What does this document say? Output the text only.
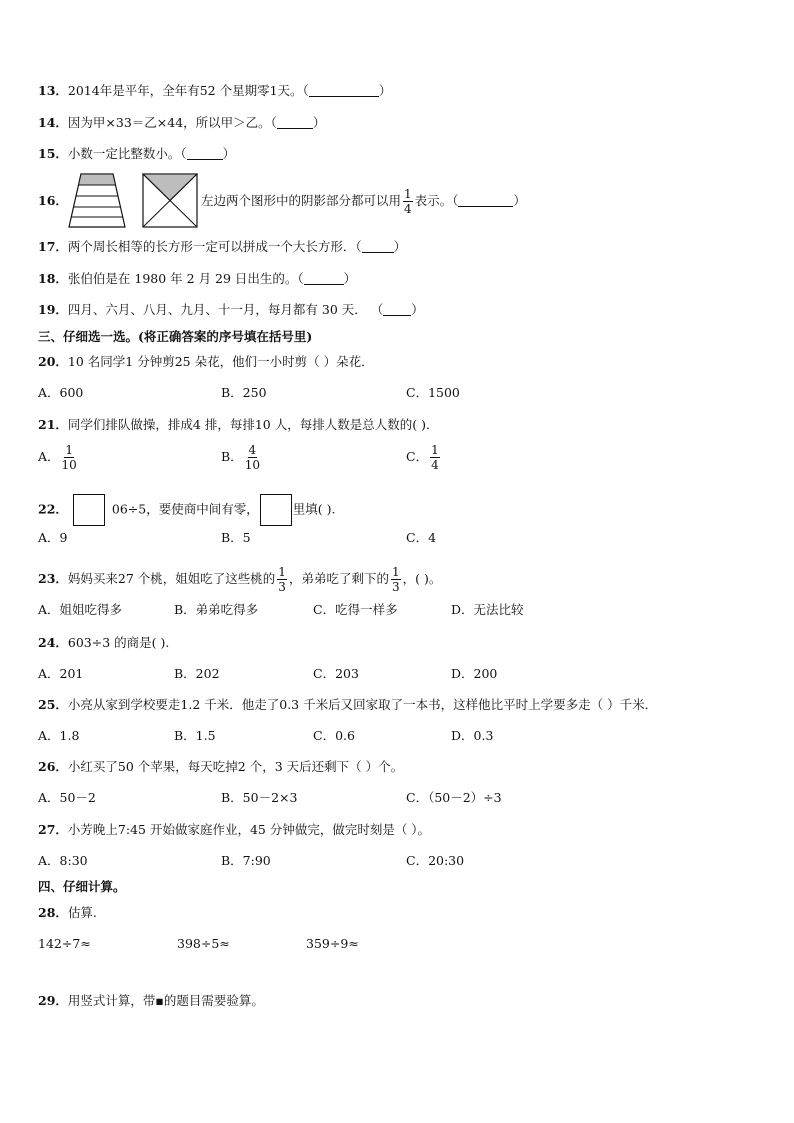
13．2014年是平年，全年有52 个星期零1天。（	）
14．因为甲×33＝乙×44，所以甲＞乙。（	）
15．小数一定比整数小。（	）
16．	左边两个图形中的阴影部分都可以用 $\frac{1}{4}$ 表示。（	）
17．两个周长相等的长方形一定可以拼成一个大长方形．（	）
18．张伯伯是在 1980 年 2 月 29 日出生的。（	）
19．四月、六月、八月、九月、十一月，每月都有 30 天． （ ）
三、仔细选一选。(将正确答案的序号填在括号里)
20．10 名同学1 分钟剪25 朵花，他们一小时剪（ ）朵花．
A．600	B．250	C．1500
21．同学们排队做操，排成4 排，每排10 人，每排人数是总人数的( )．
A． $\frac{1}{10}$	B． $\frac{4}{10}$	C． $\frac{1}{4}$
22．	06÷5，要使商中间有零，	里填( ).
A．9	B．5	C．4
23．妈妈买来27 个桃，姐姐吃了这些桃的 $\frac{1}{3}$ ，弟弟吃了剩下的 $\frac{1}{3}$ ，( )。
A．姐姐吃得多	B．弟弟吃得多	C．吃得一样多	D．无法比较
24．603÷3 的商是( ).
A．201	B．202	C．203	D．200
25．小亮从家到学校要走1.2 千米．他走了0.3 千米后又回家取了一本书，这样他比平时上学要多走（ ）千米．
A．1.8	B．1.5	C．0.6	D．0.3
26．小红买了50 个苹果，每天吃掉2 个，3 天后还剩下（ ）个。
A．50－2	B．50－2×3	C．（50－2）÷3
27．小芳晚上7:45 开始做家庭作业，45 分钟做完，做完时刻是（ ）。
A．8:30	B．7:90	C．20:30
四、仔细计算。
28．估算.
142÷7≈	398÷5≈	359÷9≈
29．用竖式计算，带▪的题目需要验算。
